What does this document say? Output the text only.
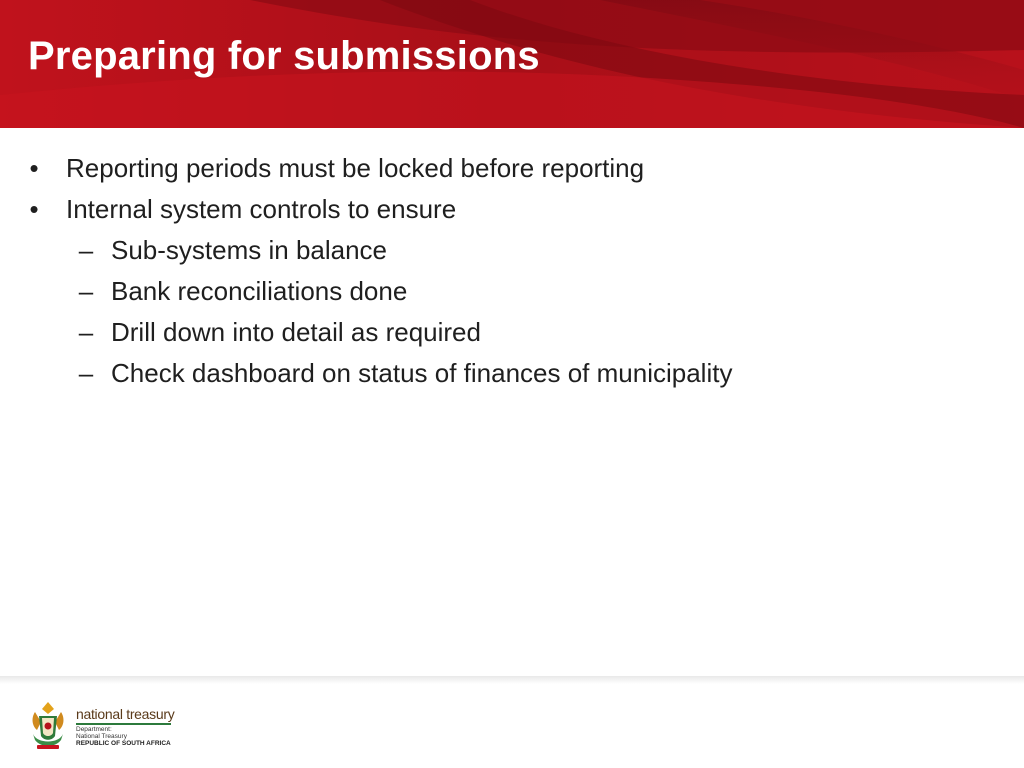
Preparing for submissions
• Reporting periods must be locked before reporting
• Internal system controls to ensure
– Sub-systems in balance
– Bank reconciliations done
– Drill down into detail as required
– Check dashboard on status of finances of municipality
national treasury
Department:
National Treasury
REPUBLIC OF SOUTH AFRICA
